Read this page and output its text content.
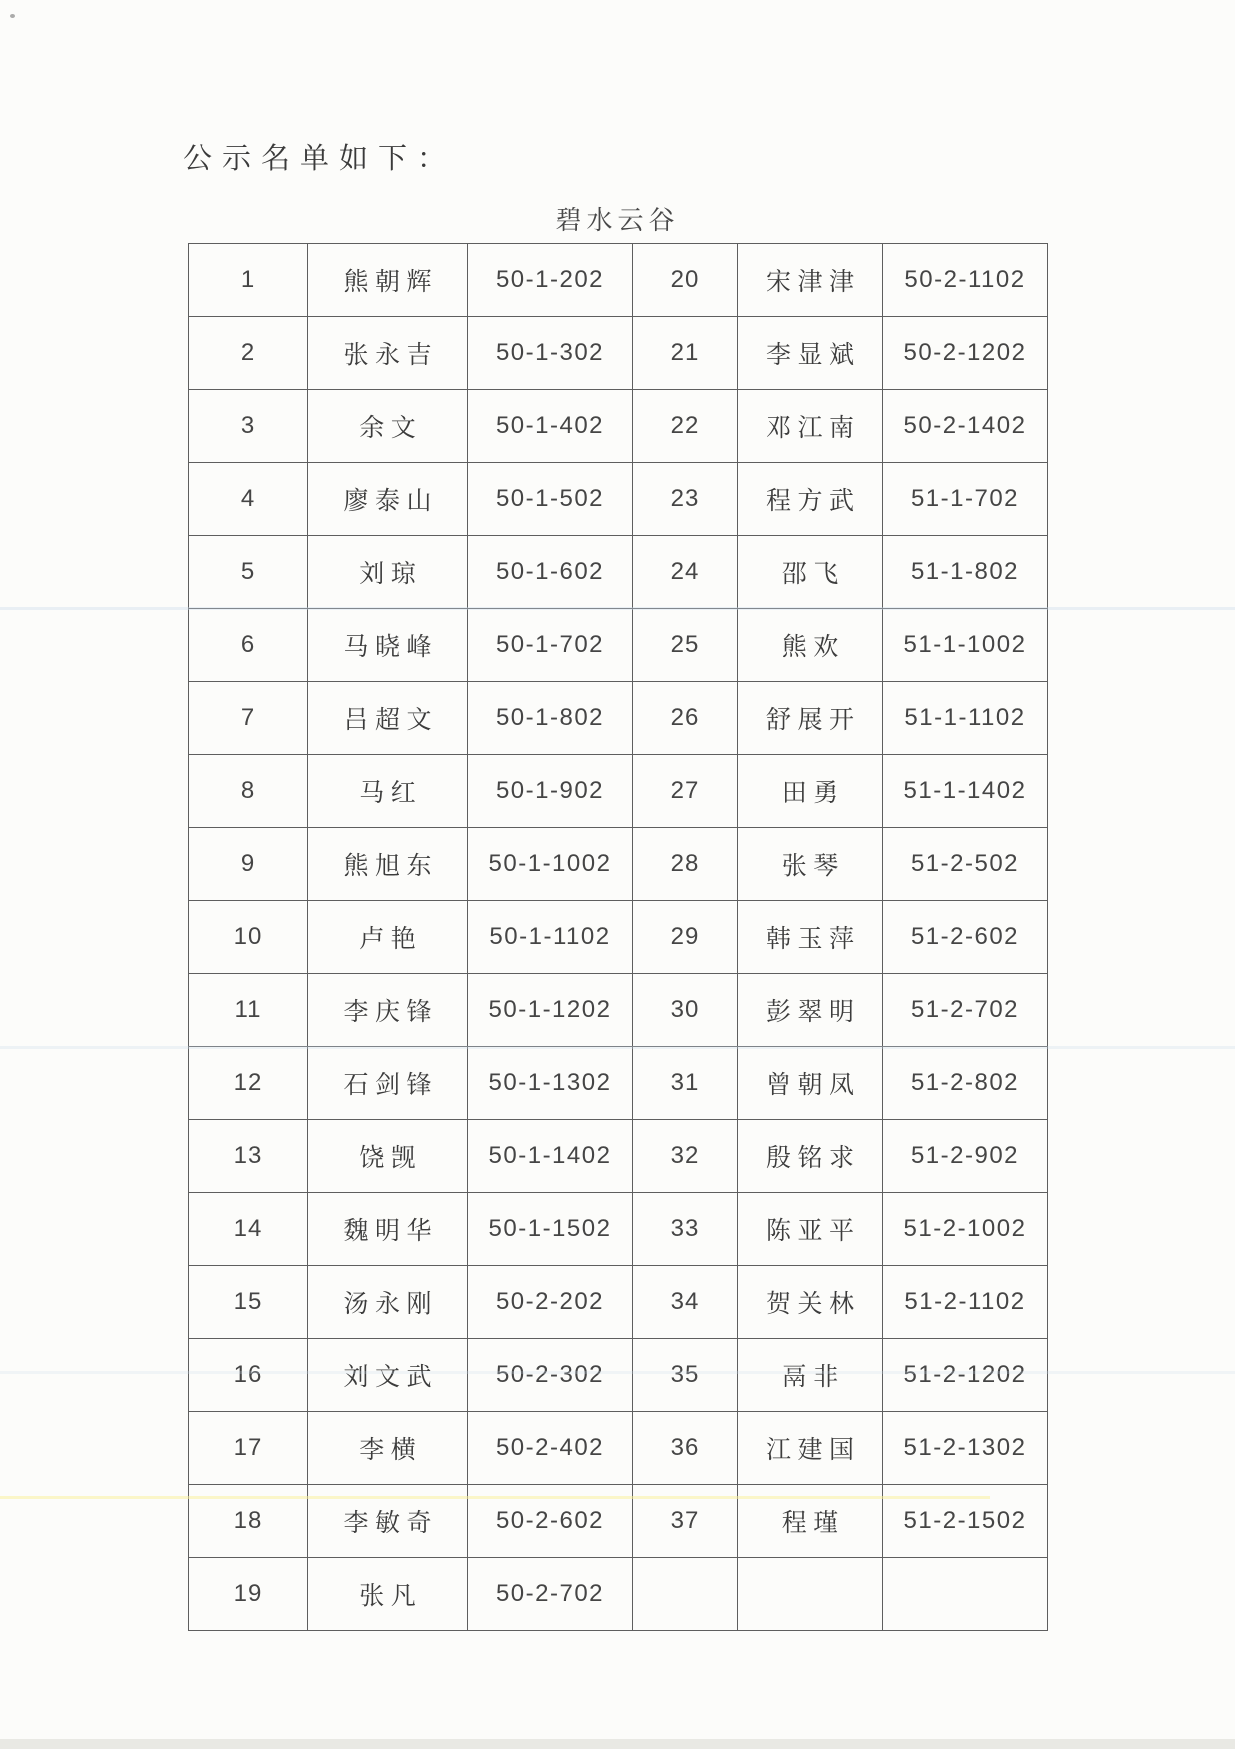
公示名单如下：
碧水云谷
1	熊朝辉	50-1-202	20	宋津津	50-2-1102
2	张永吉	50-1-302	21	李显斌	50-2-1202
3	余文	50-1-402	22	邓江南	50-2-1402
4	廖泰山	50-1-502	23	程方武	51-1-702
5	刘琼	50-1-602	24	邵飞	51-1-802
6	马晓峰	50-1-702	25	熊欢	51-1-1002
7	吕超文	50-1-802	26	舒展开	51-1-1102
8	马红	50-1-902	27	田勇	51-1-1402
9	熊旭东	50-1-1002	28	张琴	51-2-502
10	卢艳	50-1-1102	29	韩玉萍	51-2-602
11	李庆锋	50-1-1202	30	彭翠明	51-2-702
12	石剑锋	50-1-1302	31	曾朝凤	51-2-802
13	饶觊	50-1-1402	32	殷铭求	51-2-902
14	魏明华	50-1-1502	33	陈亚平	51-2-1002
15	汤永刚	50-2-202	34	贺关林	51-2-1102
16	刘文武	50-2-302	35	鬲非	51-2-1202
17	李横	50-2-402	36	江建国	51-2-1302
18	李敏奇	50-2-602	37	程瑾	51-2-1502
19	张凡	50-2-702			
